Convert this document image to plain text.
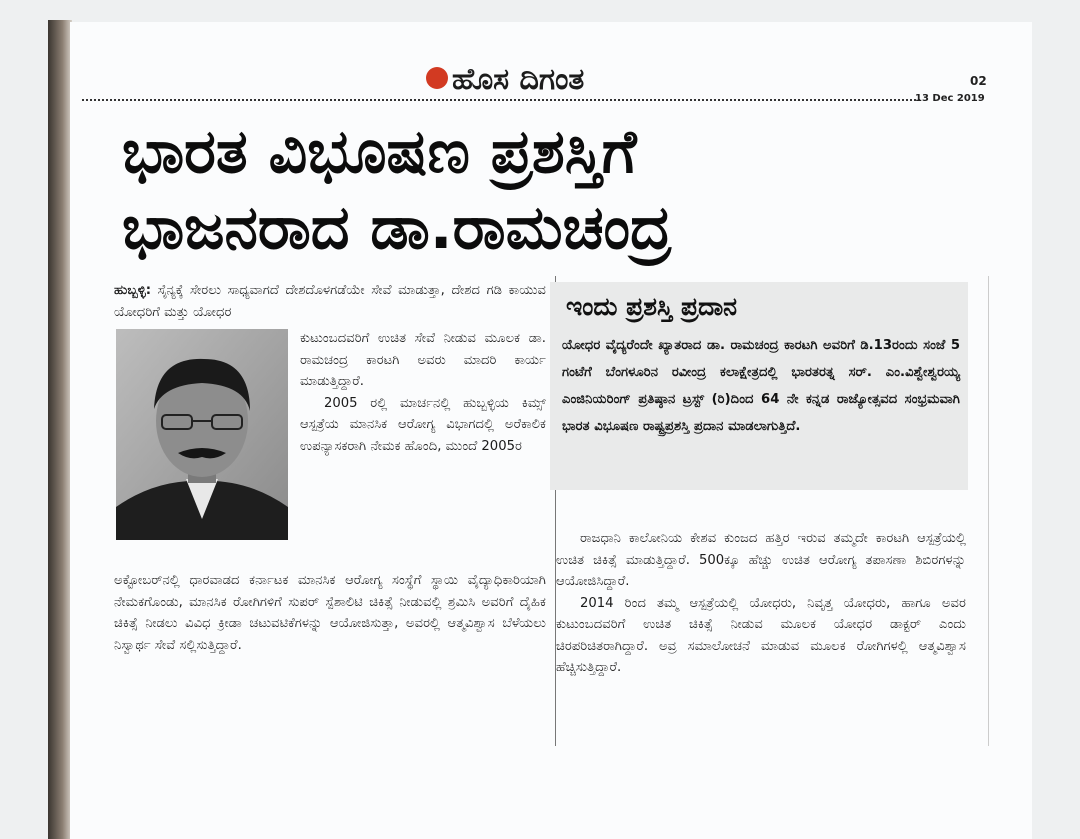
ಹೊಸ ದಿಗಂತ	02
13 Dec 2019
ಭಾರತ ವಿಭೂಷಣ ಪ್ರಶಸ್ತಿಗೆ
ಭಾಜನರಾದ ಡಾ.ರಾಮಚಂದ್ರ
ಹುಬ್ಬಳ್ಳಿ: ಸೈನ್ಯಕ್ಕೆ ಸೇರಲು ಸಾಧ್ಯವಾಗದೆ ದೇಶದೊಳಗಡೆಯೇ ಸೇವೆ ಮಾಡುತ್ತಾ, ದೇಶದ ಗಡಿ ಕಾಯುವ ಯೋಧರಿಗೆ ಮತ್ತು ಯೋಧರ
ಕುಟುಂಬದವರಿಗೆ ಉಚಿತ ಸೇವೆ ನೀಡುವ ಮೂಲಕ ಡಾ. ರಾಮಚಂದ್ರ ಕಾರಟಗಿ ಅವರು ಮಾದರಿ ಕಾರ್ಯ ಮಾಡುತ್ತಿದ್ದಾರೆ.
2005 ರಲ್ಲಿ ಮಾರ್ಚನಲ್ಲಿ ಹುಬ್ಬಳ್ಳಿಯ ಕಿಮ್ಸ್ ಆಸ್ಪತ್ರೆಯ ಮಾನಸಿಕ ಆರೋಗ್ಯ ವಿಭಾಗದಲ್ಲಿ ಅರೆಕಾಲಿಕ ಉಪನ್ಯಾಸಕರಾಗಿ ನೇಮಕ ಹೊಂದಿ, ಮುಂದೆ 2005ರ
ಅಕ್ಟೋಬರ್‌ನಲ್ಲಿ ಧಾರವಾಡದ ಕರ್ನಾಟಕ ಮಾನಸಿಕ ಆರೋಗ್ಯ ಸಂಸ್ಥೆಗೆ ಸ್ಥಾಯಿ ವೈದ್ಯಾಧಿಕಾರಿಯಾಗಿ ನೇಮಕಗೊಂಡು, ಮಾನಸಿಕ ರೋಗಿಗಳಿಗೆ ಸುಪರ್ ಸ್ಪೆಶಾಲಿಟಿ ಚಿಕಿತ್ಸೆ ನೀಡುವಲ್ಲಿ ಶ್ರಮಿಸಿ ಅವರಿಗೆ ದೈಹಿಕ ಚಿಕಿತ್ಸೆ ನೀಡಲು ವಿವಿಧ ಕ್ರೀಡಾ ಚಟುವಟಿಕೆಗಳನ್ನು ಆಯೋಜಿಸುತ್ತಾ, ಅವರಲ್ಲಿ ಆತ್ಮವಿಶ್ವಾಸ ಬೆಳೆಯಲು ನಿಸ್ವಾರ್ಥ ಸೇವೆ ಸಲ್ಲಿಸುತ್ತಿದ್ದಾರೆ.
ಇಂದು ಪ್ರಶಸ್ತಿ ಪ್ರದಾನ
ಯೋಧರ ವೈದ್ಯರೆಂದೇ ಖ್ಯಾತರಾದ ಡಾ. ರಾಮಚಂದ್ರ ಕಾರಟಗಿ ಅವರಿಗೆ ಡಿ.13ರಂದು ಸಂಜೆ 5 ಗಂಟೆಗೆ ಬೆಂಗಳೂರಿನ ರವೀಂದ್ರ ಕಲಾಕ್ಷೇತ್ರದಲ್ಲಿ ಭಾರತರತ್ನ ಸರ್. ಎಂ.ವಿಶ್ವೇಶ್ವರಯ್ಯ ಎಂಜಿನಿಯರಿಂಗ್ ಪ್ರತಿಷ್ಠಾನ ಟ್ರಸ್ಟ್ (ರಿ)ದಿಂದ 64 ನೇ ಕನ್ನಡ ರಾಜ್ಯೋತ್ಸವದ ಸಂಭ್ರಮವಾಗಿ ಭಾರತ ವಿಭೂಷಣ ರಾಷ್ಟ್ರಪ್ರಶಸ್ತಿ ಪ್ರದಾನ ಮಾಡಲಾಗುತ್ತಿದೆ.
ರಾಜಧಾನಿ ಕಾಲೋನಿಯ ಕೇಶವ ಕುಂಜದ ಹತ್ತಿರ ಇರುವ ತಮ್ಮದೇ ಕಾರಟಗಿ ಆಸ್ಪತ್ರೆಯಲ್ಲಿ ಉಚಿತ ಚಿಕಿತ್ಸೆ ಮಾಡುತ್ತಿದ್ದಾರೆ. 500ಕ್ಕೂ ಹೆಚ್ಚು ಉಚಿತ ಆರೋಗ್ಯ ತಪಾಸಣಾ ಶಿಬಿರಗಳನ್ನು ಆಯೋಜಿಸಿದ್ದಾರೆ.
2014 ರಿಂದ ತಮ್ಮ ಆಸ್ಪತ್ರೆಯಲ್ಲಿ ಯೋಧರು, ನಿವೃತ್ತ ಯೋಧರು, ಹಾಗೂ ಅವರ ಕುಟುಂಬದವರಿಗೆ ಉಚಿತ ಚಿಕಿತ್ಸೆ ನೀಡುವ ಮೂಲಕ ಯೋಧರ ಡಾಕ್ಟರ್ ಎಂದು ಚಿರಪರಿಚಿತರಾಗಿದ್ದಾರೆ. ಅವ್ರ ಸಮಾಲೋಚನೆ ಮಾಡುವ ಮೂಲಕ ರೋಗಿಗಳಲ್ಲಿ ಆತ್ಮವಿಶ್ವಾಸ ಹೆಚ್ಚಿಸುತ್ತಿದ್ದಾರೆ.
